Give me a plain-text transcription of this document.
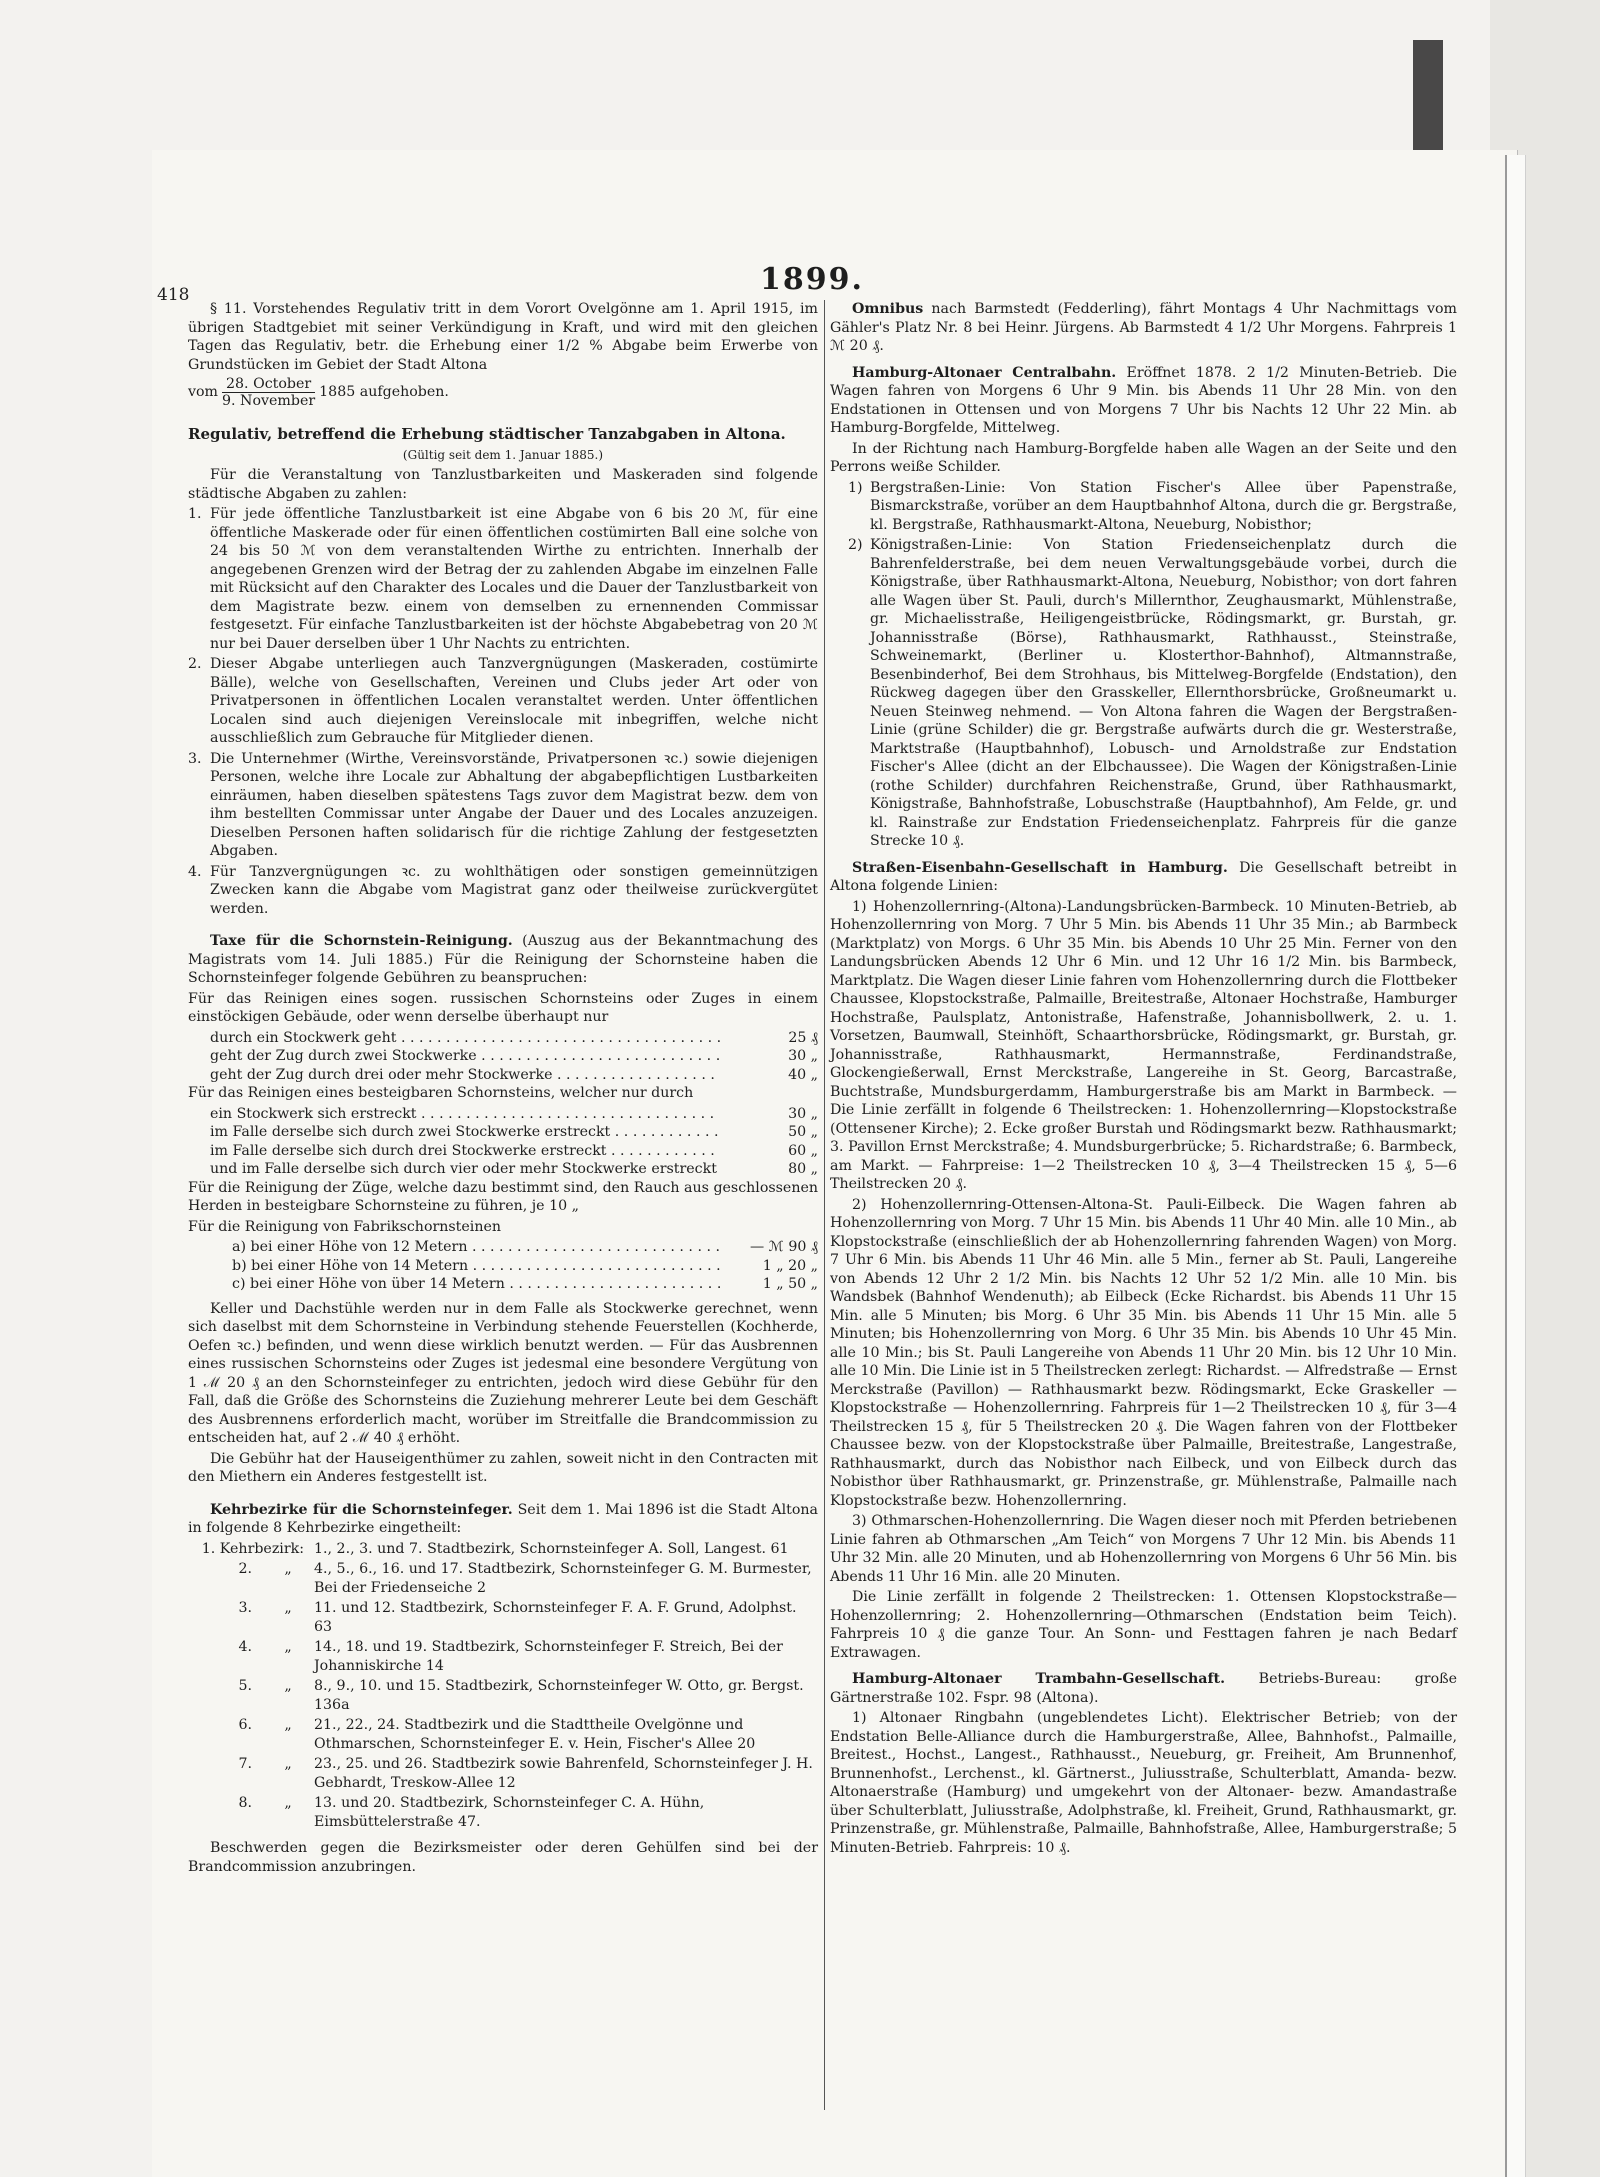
418	1899.

§ 11. Vorstehendes Regulativ tritt in dem Vorort Ovelgönne am 1. April 1915, im übrigen Stadtgebiet mit seiner Verkündigung in Kraft, und wird mit den gleichen Tagen das Regulativ, betr. die Erhebung einer 1/2 % Abgabe beim Erwerbe von Grundstücken im Gebiet der Stadt Altona

vom $\frac{\text{28. October}}{\text{9. November}} 1885$ aufgehoben.
Regulativ, betreffend die Erhebung städtischer Tanzabgaben in Altona.
(Gültig seit dem 1. Januar 1885.)

Für die Veranstaltung von Tanzlustbarkeiten und Maskeraden sind folgende städtische Abgaben zu zahlen:

1. Für jede öffentliche Tanzlustbarkeit ist eine Abgabe von 6 bis 20 ℳ, für eine öffentliche Maskerade oder für einen öffentlichen costümirten Ball eine solche von 24 bis 50 ℳ von dem veranstaltenden Wirthe zu entrichten. Innerhalb der angegebenen Grenzen wird der Betrag der zu zahlenden Abgabe im einzelnen Falle mit Rücksicht auf den Charakter des Locales und die Dauer der Tanzlustbarkeit von dem Magistrate bezw. einem von demselben zu ernennenden Commissar festgesetzt. Für einfache Tanzlustbarkeiten ist der höchste Abgabebetrag von 20 ℳ nur bei Dauer derselben über 1 Uhr Nachts zu entrichten.
2. Dieser Abgabe unterliegen auch Tanzvergnügungen (Maskeraden, costümirte Bälle), welche von Gesellschaften, Vereinen und Clubs jeder Art oder von Privatpersonen in öffentlichen Localen veranstaltet werden. Unter öffentlichen Localen sind auch diejenigen Vereinslocale mit inbegriffen, welche nicht ausschließlich zum Gebrauche für Mitglieder dienen.
3. Die Unternehmer (Wirthe, Vereinsvorstände, Privatpersonen ꝛc.) sowie diejenigen Personen, welche ihre Locale zur Abhaltung der abgabepflichtigen Lustbarkeiten einräumen, haben dieselben spätestens Tags zuvor dem Magistrat bezw. dem von ihm bestellten Commissar unter Angabe der Dauer und des Locales anzuzeigen. Dieselben Personen haften solidarisch für die richtige Zahlung der festgesetzten Abgaben.
4. Für Tanzvergnügungen ꝛc. zu wohlthätigen oder sonstigen gemeinnützigen Zwecken kann die Abgabe vom Magistrat ganz oder theilweise zurückvergütet werden.

Taxe für die Schornstein-Reinigung. (Auszug aus der Bekanntmachung des Magistrats vom 14. Juli 1885.) Für die Reinigung der Schornsteine haben die Schornsteinfeger folgende Gebühren zu beanspruchen:

Für das Reinigen eines sogen. russischen Schornsteins oder Zuges in einem einstöckigen Gebäude, oder wenn derselbe überhaupt nur

durch ein Stockwerk geht . . .	25 ₰
geht der Zug durch zwei Stockwerke . . .	30 „
geht der Zug durch drei oder mehr Stockwerke . . .	40 „

Für das Reinigen eines besteigbaren Schornsteins, welcher nur durch

ein Stockwerk sich erstreckt . . .	30 „
im Falle derselbe sich durch zwei Stockwerke erstreckt . . .	50 „
im Falle derselbe sich durch drei Stockwerke erstreckt . . .	60 „
und im Falle derselbe sich durch vier oder mehr Stockwerke erstreckt . . .	80 „

Für die Reinigung der Züge, welche dazu bestimmt sind, den Rauch aus geschlossenen Herden in besteigbare Schornsteine zu führen, je 10 „

Für die Reinigung von Fabrikschornsteinen

a) bei einer Höhe von 12 Metern . . .	— ℳ 90 ₰
b) bei einer Höhe von 14 Metern . . .	1 „ 20 „
c) bei einer Höhe von über 14 Metern . . .	1 „ 50 „

Keller und Dachstühle werden nur in dem Falle als Stockwerke gerechnet, wenn sich daselbst mit dem Schornsteine in Verbindung stehende Feuerstellen (Kochherde, Oefen ꝛc.) befinden, und wenn diese wirklich benutzt werden. — Für das Ausbrennen eines russischen Schornsteins oder Zuges ist jedesmal eine besondere Vergütung von 1 ℳ 20 ₰ an den Schornsteinfeger zu entrichten, jedoch wird diese Gebühr für den Fall, daß die Größe des Schornsteins die Zuziehung mehrerer Leute bei dem Geschäft des Ausbrennens erforderlich macht, worüber im Streitfalle die Brandcommission zu entscheiden hat, auf 2 ℳ 40 ₰ erhöht.

Die Gebühr hat der Hauseigenthümer zu zahlen, soweit nicht in den Contracten mit den Miethern ein Anderes festgestellt ist.

Kehrbezirke für die Schornsteinfeger. Seit dem 1. Mai 1896 ist die Stadt Altona in folgende 8 Kehrbezirke eingetheilt:

1. Kehrbezirk: 1., 2., 3. und 7. Stadtbezirk, Schornsteinfeger A. Soll, Langest. 61
2.	„	4., 5., 6., 16. und 17. Stadtbezirk, Schornsteinfeger G. M. Burmester, Bei der Friedenseiche 2
3.	„	11. und 12. Stadtbezirk, Schornsteinfeger F. A. F. Grund, Adolphst. 63
4.	„	14., 18. und 19. Stadtbezirk, Schornsteinfeger F. Streich, Bei der Johanniskirche 14
5.	„	8., 9., 10. und 15. Stadtbezirk, Schornsteinfeger W. Otto, gr. Bergst. 136a
6.	„	21., 22., 24. Stadtbezirk und die Stadttheile Ovelgönne und Othmarschen, Schornsteinfeger E. v. Hein, Fischer's Allee 20
7.	„	23., 25. und 26. Stadtbezirk sowie Bahrenfeld, Schornsteinfeger J. H. Gebhardt, Treskow-Allee 12
8.	„	13. und 20. Stadtbezirk, Schornsteinfeger C. A. Hühn, Eimsbüttelerstraße 47.

Beschwerden gegen die Bezirksmeister oder deren Gehülfen sind bei der Brandcommission anzubringen.

Omnibus nach Barmstedt (Fedderling), fährt Montags 4 Uhr Nachmittags vom Gähler's Platz Nr. 8 bei Heinr. Jürgens. Ab Barmstedt 4 1/2 Uhr Morgens. Fahrpreis 1 ℳ 20 ₰.

Hamburg-Altonaer Centralbahn. Eröffnet 1878. 2 1/2 Minuten-Betrieb. Die Wagen fahren von Morgens 6 Uhr 9 Min. bis Abends 11 Uhr 28 Min. von den Endstationen in Ottensen und von Morgens 7 Uhr bis Nachts 12 Uhr 22 Min. ab Hamburg-Borgfelde, Mittelweg.

In der Richtung nach Hamburg-Borgfelde haben alle Wagen an der Seite und den Perrons weiße Schilder.

1) Bergstraßen-Linie: Von Station Fischer's Allee über Papenstraße, Bismarckstraße, vorüber an dem Hauptbahnhof Altona, durch die gr. Bergstraße, kl. Bergstraße, Rathhausmarkt-Altona, Neueburg, Nobisthor;
2) Königstraßen-Linie: Von Station Friedenseichenplatz durch die Bahrenfelderstraße, bei dem neuen Verwaltungsgebäude vorbei, durch die Königstraße, über Rathhausmarkt-Altona, Neueburg, Nobisthor; von dort fahren alle Wagen über St. Pauli, durch's Millernthor, Zeughausmarkt, Mühlenstraße, gr. Michaelisstraße, Heiligengeistbrücke, Rödingsmarkt, gr. Burstah, gr. Johannisstraße (Börse), Rathhausmarkt, Rathhausst., Steinstraße, Schweinemarkt, (Berliner u. Klosterthor-Bahnhof), Altmannstraße, Besenbinderhof, Bei dem Strohhaus, bis Mittelweg-Borgfelde (Endstation), den Rückweg dagegen über den Grasskeller, Ellernthorsbrücke, Großneumarkt u. Neuen Steinweg nehmend. — Von Altona fahren die Wagen der Bergstraßen-Linie (grüne Schilder) die gr. Bergstraße aufwärts durch die gr. Westerstraße, Marktstraße (Hauptbahnhof), Lobusch- und Arnoldstraße zur Endstation Fischer's Allee (dicht an der Elbchaussee). Die Wagen der Königstraßen-Linie (rothe Schilder) durchfahren Reichenstraße, Grund, über Rathhausmarkt, Königstraße, Bahnhofstraße, Lobuschstraße (Hauptbahnhof), Am Felde, gr. und kl. Rainstraße zur Endstation Friedenseichenplatz. Fahrpreis für die ganze Strecke 10 ₰.

Straßen-Eisenbahn-Gesellschaft in Hamburg. Die Gesellschaft betreibt in Altona folgende Linien:

1) Hohenzollernring-(Altona)-Landungsbrücken-Barmbeck. 10 Minuten-Betrieb, ab Hohenzollernring von Morg. 7 Uhr 5 Min. bis Abends 11 Uhr 35 Min.; ab Barmbeck (Marktplatz) von Morgs. 6 Uhr 35 Min. bis Abends 10 Uhr 25 Min. Ferner von den Landungsbrücken Abends 12 Uhr 6 Min. und 12 Uhr 16 1/2 Min. bis Barmbeck, Marktplatz. Die Wagen dieser Linie fahren vom Hohenzollernring durch die Flottbeker Chaussee, Klopstockstraße, Palmaille, Breitestraße, Altonaer Hochstraße, Hamburger Hochstraße, Paulsplatz, Antonistraße, Hafenstraße, Johannisbollwerk, 2. u. 1. Vorsetzen, Baumwall, Steinhöft, Schaarthorsbrücke, Rödingsmarkt, gr. Burstah, gr. Johannisstraße, Rathhausmarkt, Hermannstraße, Ferdinandstraße, Glockengießerwall, Ernst Merckstraße, Langereihe in St. Georg, Barcastraße, Buchtstraße, Mundsburgerdamm, Hamburgerstraße bis am Markt in Barmbeck. — Die Linie zerfällt in folgende 6 Theilstrecken: 1. Hohenzollernring—Klopstockstraße (Ottensener Kirche); 2. Ecke großer Burstah und Rödingsmarkt bezw. Rathhausmarkt; 3. Pavillon Ernst Merckstraße; 4. Mundsburgerbrücke; 5. Richardstraße; 6. Barmbeck, am Markt. — Fahrpreise: 1—2 Theilstrecken 10 ₰, 3—4 Theilstrecken 15 ₰, 5—6 Theilstrecken 20 ₰.

2) Hohenzollernring-Ottensen-Altona-St. Pauli-Eilbeck. Die Wagen fahren ab Hohenzollernring von Morg. 7 Uhr 15 Min. bis Abends 11 Uhr 40 Min. alle 10 Min., ab Klopstockstraße (einschließlich der ab Hohenzollernring fahrenden Wagen) von Morg. 7 Uhr 6 Min. bis Abends 11 Uhr 46 Min. alle 5 Min., ferner ab St. Pauli, Langereihe von Abends 12 Uhr 2 1/2 Min. bis Nachts 12 Uhr 52 1/2 Min. alle 10 Min. bis Wandsbek (Bahnhof Wendenuth); ab Eilbeck (Ecke Richardst. bis Abends 11 Uhr 15 Min. alle 5 Minuten; bis Morg. 6 Uhr 35 Min. bis Abends 11 Uhr 15 Min. alle 5 Minuten; bis Hohenzollernring von Morg. 6 Uhr 35 Min. bis Abends 10 Uhr 45 Min. alle 10 Min.; bis St. Pauli Langereihe von Abends 11 Uhr 20 Min. bis 12 Uhr 10 Min. alle 10 Min. Die Linie ist in 5 Theilstrecken zerlegt: Richardst. — Alfredstraße — Ernst Merckstraße (Pavillon) — Rathhausmarkt bezw. Rödingsmarkt, Ecke Graskeller — Klopstockstraße — Hohenzollernring. Fahrpreis für 1—2 Theilstrecken 10 ₰, für 3—4 Theilstrecken 15 ₰, für 5 Theilstrecken 20 ₰. Die Wagen fahren von der Flottbeker Chaussee bezw. von der Klopstockstraße über Palmaille, Breitestraße, Langestraße, Rathhausmarkt, durch das Nobisthor nach Eilbeck, und von Eilbeck durch das Nobisthor über Rathhausmarkt, gr. Prinzenstraße, gr. Mühlenstraße, Palmaille nach Klopstockstraße bezw. Hohenzollernring.

3) Othmarschen-Hohenzollernring. Die Wagen dieser noch mit Pferden betriebenen Linie fahren ab Othmarschen „Am Teich“ von Morgens 7 Uhr 12 Min. bis Abends 11 Uhr 32 Min. alle 20 Minuten, und ab Hohenzollernring von Morgens 6 Uhr 56 Min. bis Abends 11 Uhr 16 Min. alle 20 Minuten.

Die Linie zerfällt in folgende 2 Theilstrecken: 1. Ottensen Klopstockstraße—Hohenzollernring; 2. Hohenzollernring—Othmarschen (Endstation beim Teich). Fahrpreis 10 ₰ die ganze Tour. An Sonn- und Festtagen fahren je nach Bedarf Extrawagen.

Hamburg-Altonaer Trambahn-Gesellschaft. Betriebs-Bureau: große Gärtnerstraße 102. Fspr. 98 (Altona).

1) Altonaer Ringbahn (ungeblendetes Licht). Elektrischer Betrieb; von der Endstation Belle-Alliance durch die Hamburgerstraße, Allee, Bahnhofst., Palmaille, Breitest., Hochst., Langest., Rathhausst., Neueburg, gr. Freiheit, Am Brunnenhof, Brunnenhofst., Lerchenst., kl. Gärtnerst., Juliusstraße, Schulterblatt, Amanda- bezw. Altonaerstraße (Hamburg) und umgekehrt von der Altonaer- bezw. Amandastraße über Schulterblatt, Juliusstraße, Adolphstraße, kl. Freiheit, Grund, Rathhausmarkt, gr. Prinzenstraße, gr. Mühlenstraße, Palmaille, Bahnhofstraße, Allee, Hamburgerstraße; 5 Minuten-Betrieb. Fahrpreis: 10 ₰.
